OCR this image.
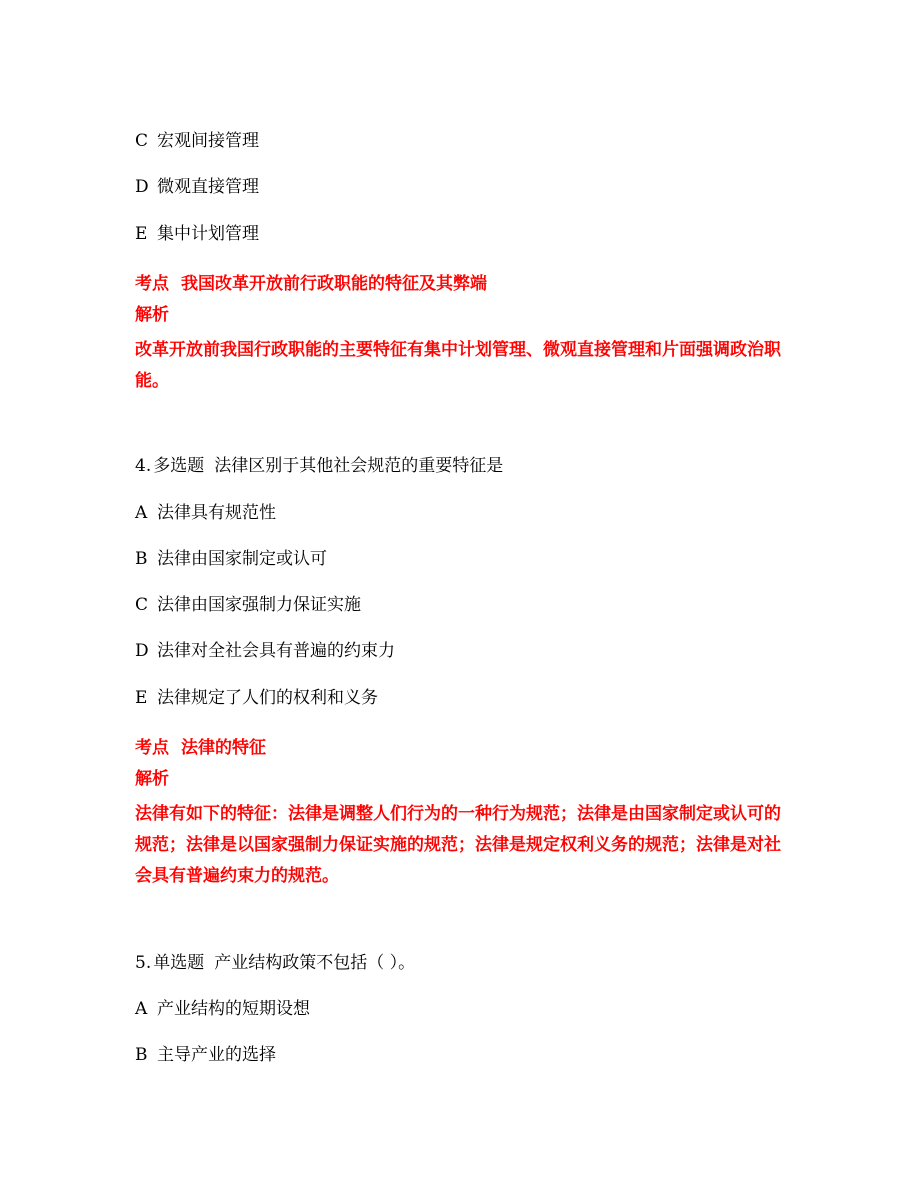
C 宏观间接管理
D 微观直接管理
E 集中计划管理
考点 我国改革开放前行政职能的特征及其弊端
解析
改革开放前我国行政职能的主要特征有集中计划管理、微观直接管理和片面强调政治职能。
4. 多选题 法律区别于其他社会规范的重要特征是
A 法律具有规范性
B 法律由国家制定或认可
C 法律由国家强制力保证实施
D 法律对全社会具有普遍的约束力
E 法律规定了人们的权利和义务
考点 法律的特征
解析
法律有如下的特征：法律是调整人们行为的一种行为规范；法律是由国家制定或认可的规范；法律是以国家强制力保证实施的规范；法律是规定权利义务的规范；法律是对社会具有普遍约束力的规范。
5. 单选题 产业结构政策不包括（ ）。
A 产业结构的短期设想
B 主导产业的选择
